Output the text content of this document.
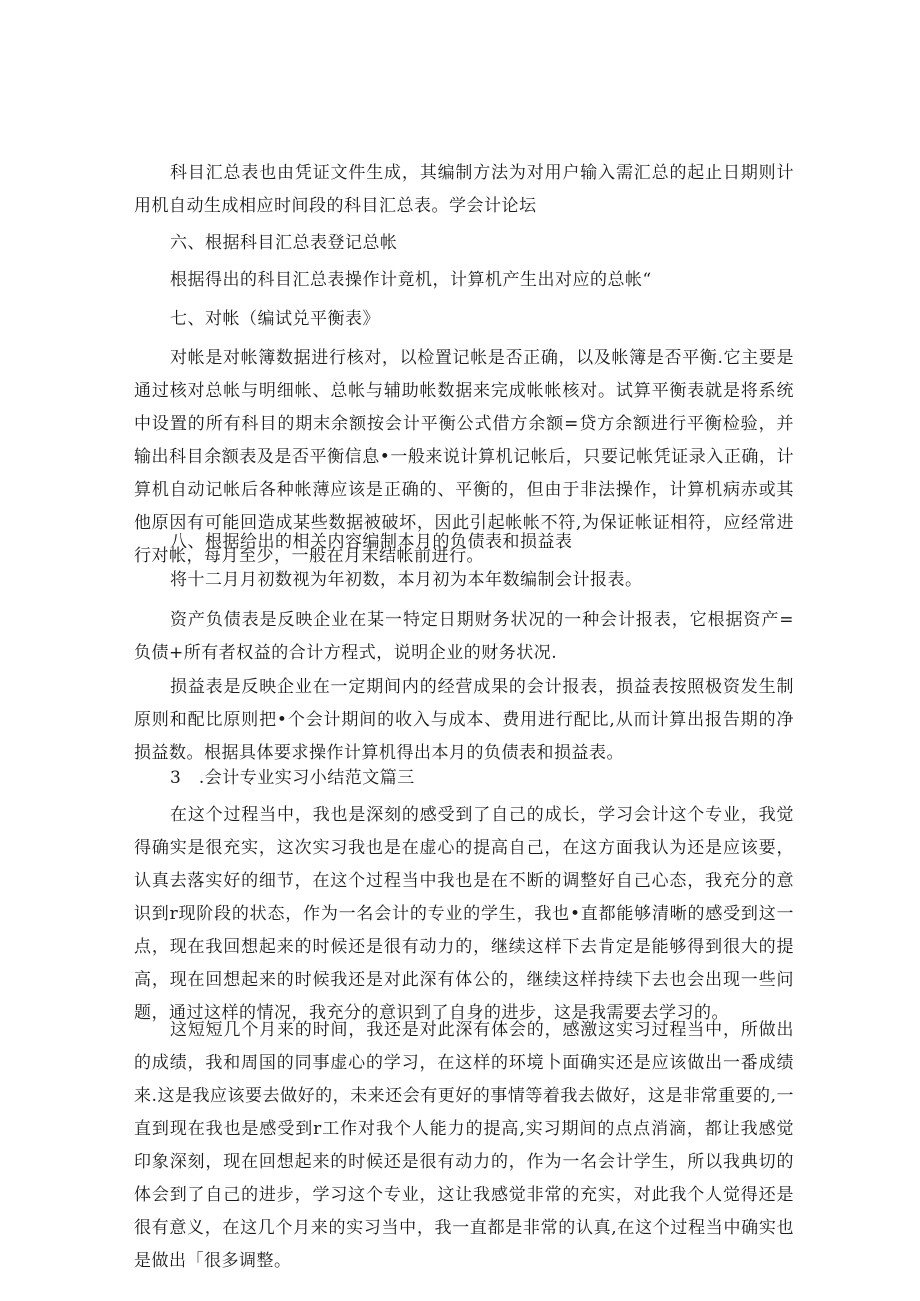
科目汇总表也由凭证文件生成，其编制方法为对用户输入需汇总的起止日期则计用机自动生成相应时间段的科目汇总表。学会计论坛

六、根据科目汇总表登记总帐

根据得出的科目汇总表操作计竟机，计算机产生出对应的总帐“

七、对帐（编试兑平衡表》

对帐是对帐簿数据进行核对，以检置记帐是否正确，以及帐簿是否平衡.它主要是通过核对总帐与明细帐、总帐与辅助帐数据来完成帐帐核对。试算平衡表就是将系统中设置的所有科目的期末余额按会计平衡公式借方余额=贷方余额进行平衡检验，并输出科目余额表及是否平衡信息•一般来说计算机记帐后，只要记帐凭证录入正确，计算机自动记帐后各种帐薄应该是正确的、平衡的，但由于非法操作，计算机病赤或其他原因有可能回造成某些数据被破坏，因此引起帐帐不符,为保证帐证相符，应经常进行对帐，每月至少，一般在月末结帐前进行。

八、根据给出的相关内容编制本月的负债表和损益表

将十二月月初数视为年初数，本月初为本年数编制会计报表。

资产负债表是反映企业在某一特定日期财务状况的一种会计报表，它根据资产=负债+所有者权益的合计方程式，说明企业的财务状况.

损益表是反映企业在一定期间内的经营成果的会计报表，损益表按照极资发生制原则和配比原则把•个会计期间的收入与成本、费用进行配比,从而计算出报告期的净损益数。根据具体要求操作计算机得出本月的负债表和损益表。

3　.会计专业实习小结范文篇三

在这个过程当中，我也是深刻的感受到了自己的成长，学习会计这个专业，我觉得确实是很充实，这次实习我也是在虚心的提高自己，在这方面我认为还是应该要，认真去落实好的细节，在这个过程当中我也是在不断的调整好自己心态，我充分的意识到r现阶段的状态，作为一名会计的专业的学生，我也•直都能够清晰的感受到这一点，现在我回想起来的时候还是很有动力的，继续这样下去肯定是能够得到很大的提高，现在回想起来的时候我还是对此深有体公的，继续这样持续下去也会出现一些问题，通过这样的情况，我充分的意识到了自身的进步，这是我需要去学习的。

这短短几个月来的时间，我还是对此深有体会的，感激这实习过程当中，所做出的成绩，我和周国的同事虚心的学习，在这样的环境卜面确实还是应该做出一番成绩来.这是我应该要去做好的，未来还会有更好的事情等着我去做好，这是非常重要的,一直到现在我也是感受到r工作对我个人能力的提高,实习期间的点点消滴，都让我感觉印象深刻，现在回想起来的时候还是很有动力的，作为一名会计学生，所以我典切的体会到了自己的进步，学习这个专业，这让我感觉非常的充实，对此我个人觉得还是很有意义，在这几个月来的实习当中，我一直都是非常的认真,在这个过程当中确实也是做出「很多调整。
